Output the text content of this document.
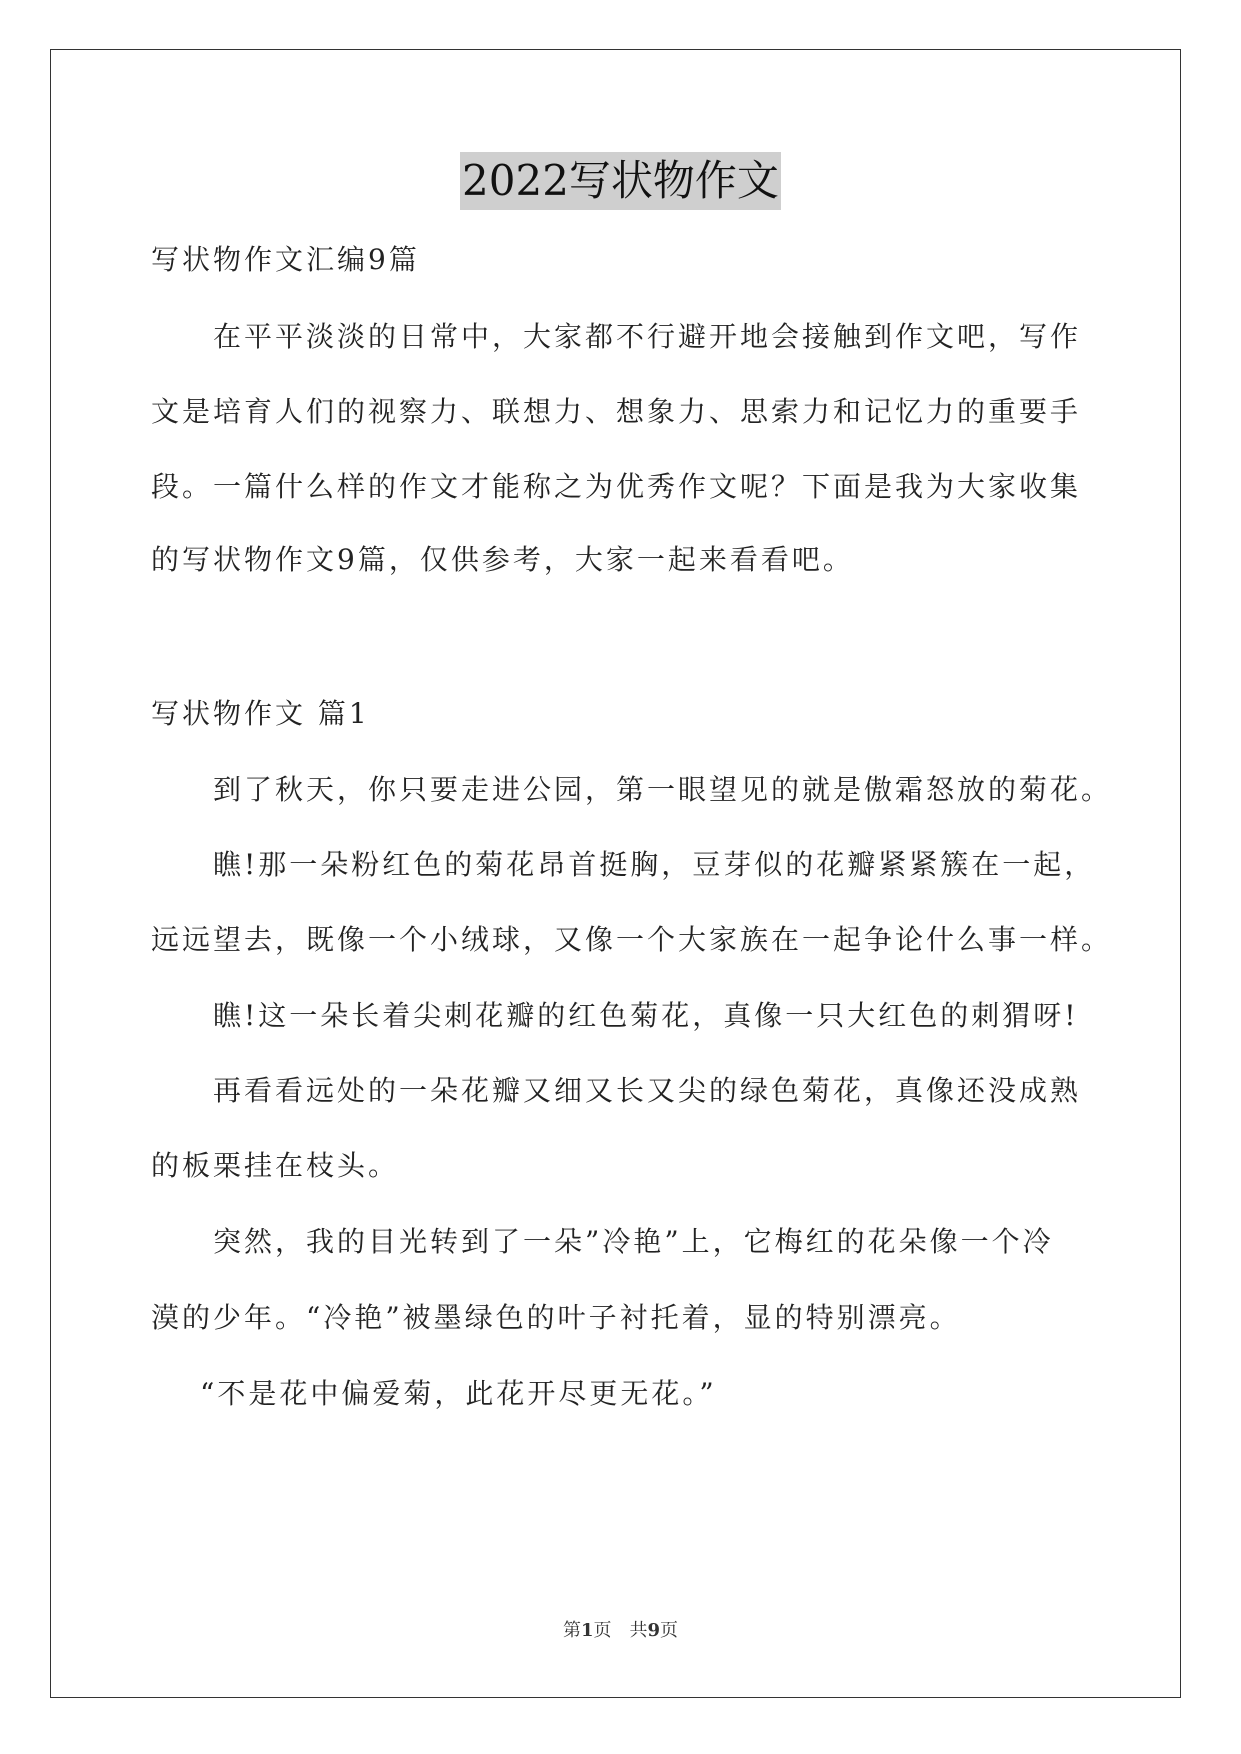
2022写状物作文
写状物作文汇编9篇
在平平淡淡的日常中，大家都不行避开地会接触到作文吧，写作
文是培育人们的视察力、联想力、想象力、思索力和记忆力的重要手
段。一篇什么样的作文才能称之为优秀作文呢？下面是我为大家收集
的写状物作文9篇，仅供参考，大家一起来看看吧。
写状物作文 篇1
到了秋天，你只要走进公园，第一眼望见的就是傲霜怒放的菊花。
瞧!那一朵粉红色的菊花昂首挺胸，豆芽似的花瓣紧紧簇在一起，
远远望去，既像一个小绒球，又像一个大家族在一起争论什么事一样。
瞧!这一朵长着尖刺花瓣的红色菊花，真像一只大红色的刺猬呀!
再看看远处的一朵花瓣又细又长又尖的绿色菊花，真像还没成熟
的板栗挂在枝头。
突然，我的目光转到了一朵”冷艳”上，它梅红的花朵像一个冷
漠的少年。“冷艳”被墨绿色的叶子衬托着，显的特别漂亮。
“不是花中偏爱菊，此花开尽更无花。”
第1页　共9页
